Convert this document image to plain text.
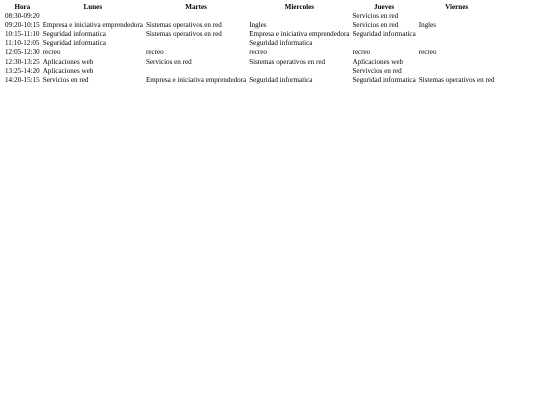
Hora	Lunes	Martes	Miercoles	Jueves	Viernes
08:30-09:20				Servicios en red	
09:20-10:15	Empresa e iniciativa emprendedora	Sistemas operativos en red	Ingles	Servicios en red	Ingles
10:15-11:10	Seguridad informatica	Sistemas operativos en red	Empresa e iniciativa emprendedora	Seguridad informatica	
11:10-12:05	Seguridad informatica		Seguridad informatica		
12:05-12:30	recreo	recreo	recreo	recreo	recreo
12:30-13:25	Aplicaciones web	Servicios en red	Sistemas operativos en red	Aplicaciones web	
13:25-14:20	Aplicaciones web			Servivcios en red	
14:20-15:15	Servicios en red	Empresa e iniciativa emprendedora	Seguridad informatica	Seguridad informatica	Sistemas operativos en red
